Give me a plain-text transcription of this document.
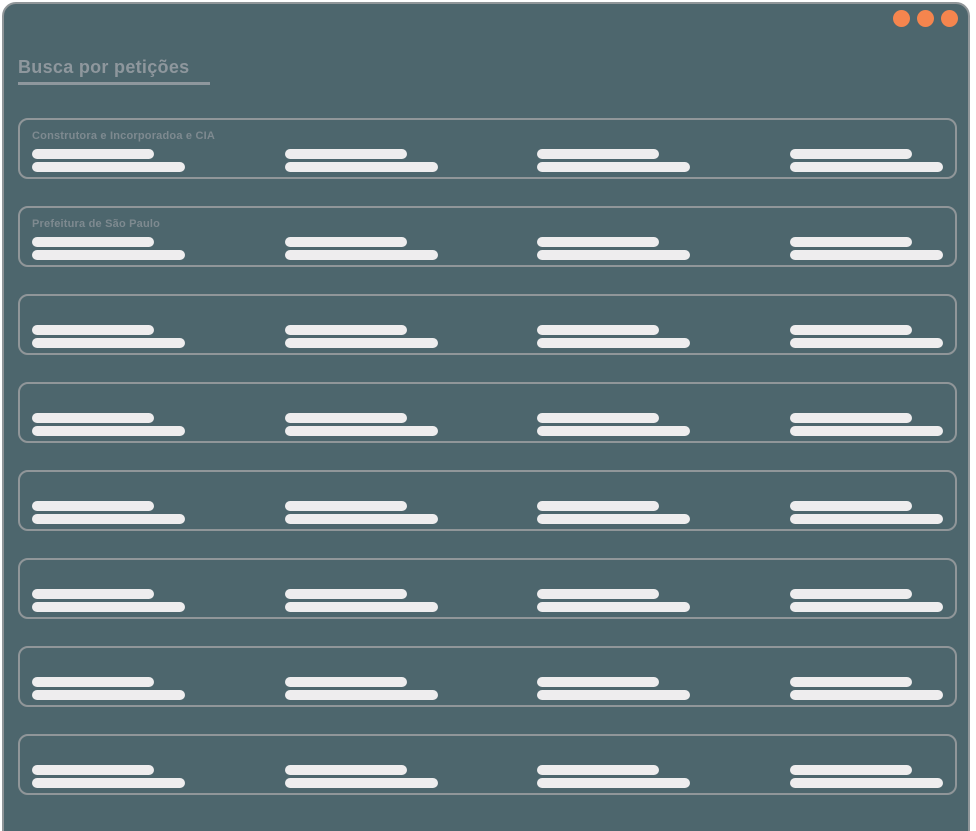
Busca por petições
Construtora e Incorporadoa e CIA
Prefeitura de São Paulo
